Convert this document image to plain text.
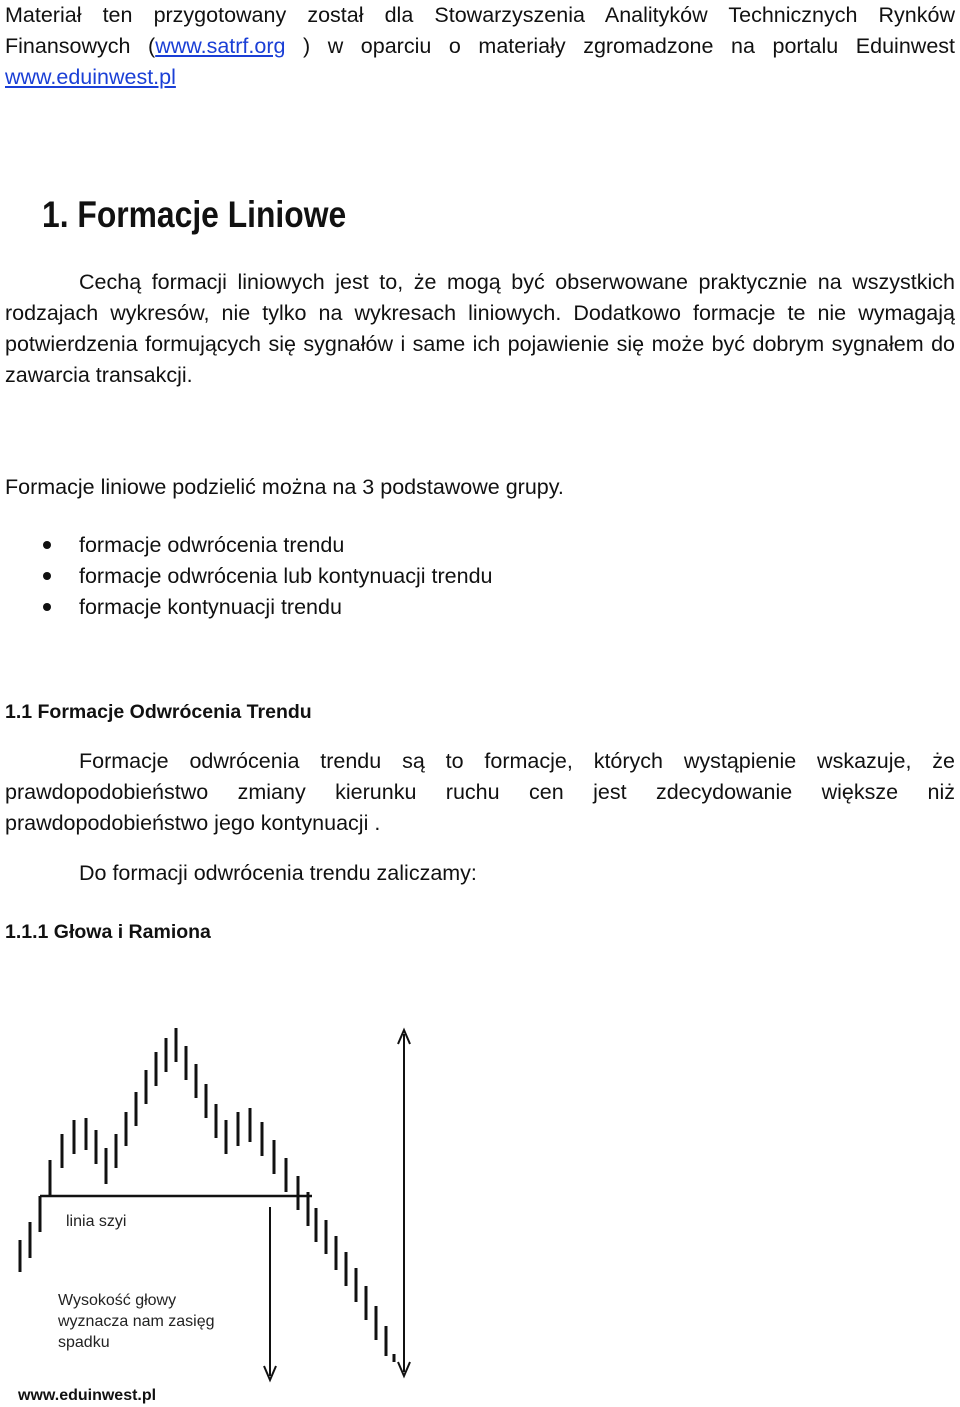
Materiał ten przygotowany został dla Stowarzyszenia Analityków Technicznych Rynków Finansowych (www.satrf.org ) w oparciu o materiały zgromadzone na portalu Eduinwest www.eduinwest.pl

1. Formacje Liniowe

Cechą formacji liniowych jest to, że mogą być obserwowane praktycznie na wszystkich rodzajach wykresów, nie tylko na wykresach liniowych. Dodatkowo formacje te nie wymagają potwierdzenia formujących się sygnałów i same ich pojawienie się może być dobrym sygnałem do zawarcia transakcji.

Formacje liniowe podzielić można na 3 podstawowe grupy.

formacje odwrócenia trendu
formacje odwrócenia lub kontynuacji trendu
formacje kontynuacji trendu
1.1 Formacje Odwrócenia Trendu

Formacje odwrócenia trendu są to formacje, których wystąpienie wskazuje, że prawdopodobieństwo zmiany kierunku ruchu cen jest zdecydowanie większe niż prawdopodobieństwo jego kontynuacji .

Do formacji odwrócenia trendu zaliczamy:

1.1.1 Głowa i Ramiona
linia szyi
Wysokość głowy
wyznacza nam zasięg
spadku
www.eduinwest.pl
